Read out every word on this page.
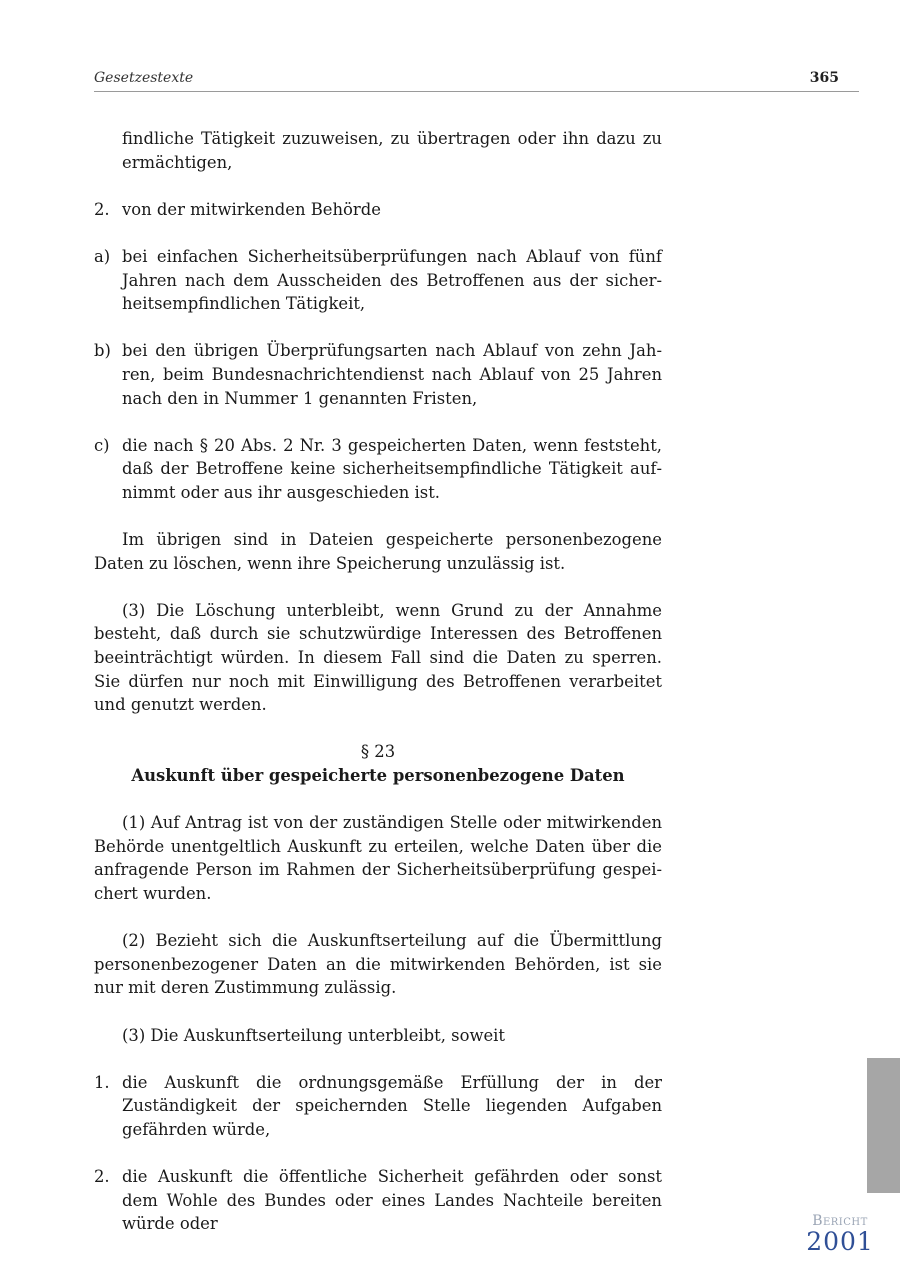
Gesetzestexte	365
findliche Tätigkeit zuzuweisen, zu übertragen oder ihn dazu zu ermächtigen,
2. von der mitwirkenden Behörde
a) bei einfachen Sicherheitsüberprüfungen nach Ablauf von fünf Jahren nach dem Ausscheiden des Betroffenen aus der sicherheitsempfindlichen Tätigkeit,
b) bei den übrigen Überprüfungsarten nach Ablauf von zehn Jahren, beim Bundesnachrichtendienst nach Ablauf von 25 Jahren nach den in Nummer 1 genannten Fristen,
c) die nach § 20 Abs. 2 Nr. 3 gespeicherten Daten, wenn feststeht, daß der Betroffene keine sicherheitsempfindliche Tätigkeit aufnimmt oder aus ihr ausgeschieden ist.
Im übrigen sind in Dateien gespeicherte personenbezogene Daten zu löschen, wenn ihre Speicherung unzulässig ist.
(3) Die Löschung unterbleibt, wenn Grund zu der Annahme besteht, daß durch sie schutzwürdige Interessen des Betroffenen beeinträchtigt würden. In diesem Fall sind die Daten zu sperren. Sie dürfen nur noch mit Einwilligung des Betroffenen verarbeitet und genutzt werden.
§ 23
Auskunft über gespeicherte personenbezogene Daten
(1) Auf Antrag ist von der zuständigen Stelle oder mitwirkenden Behörde unentgeltlich Auskunft zu erteilen, welche Daten über die anfragende Person im Rahmen der Sicherheitsüberprüfung gespeichert wurden.
(2) Bezieht sich die Auskunftserteilung auf die Übermittlung personenbezogener Daten an die mitwirkenden Behörden, ist sie nur mit deren Zustimmung zulässig.
(3) Die Auskunftserteilung unterbleibt, soweit
1. die Auskunft die ordnungsgemäße Erfüllung der in der Zuständigkeit der speichernden Stelle liegenden Aufgaben gefährden würde,
2. die Auskunft die öffentliche Sicherheit gefährden oder sonst dem Wohle des Bundes oder eines Landes Nachteile bereiten würde oder	Bericht
2001
